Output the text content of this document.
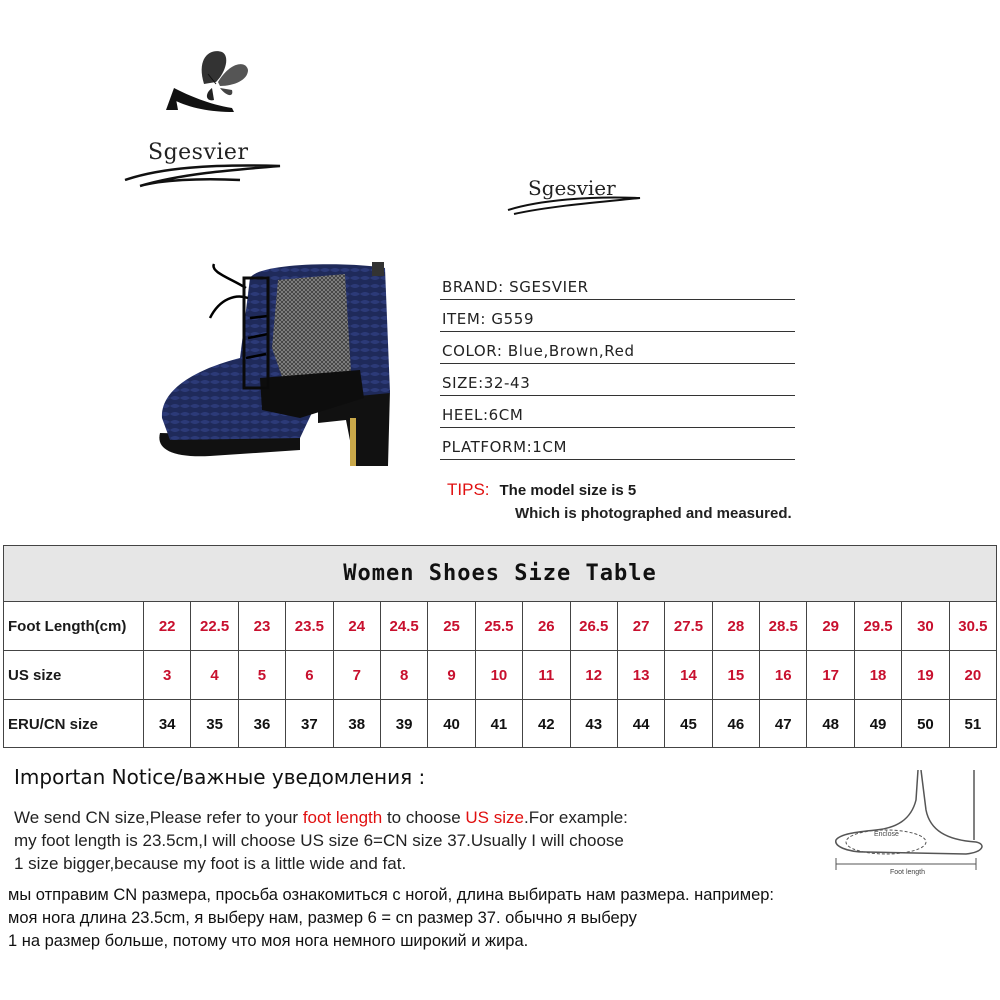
Sgesvier
Sgesvier
BRAND: SGESVIER
ITEM: G559
COLOR: Blue,Brown,Red
SIZE:32-43
HEEL:6CM
PLATFORM:1CM
TIPS: The model size is 5
Which is photographed and measured.
Women Shoes Size Table
Foot Length(cm)	22	22.5	23	23.5	24	24.5	25	25.5	26	26.5	27	27.5	28	28.5	29	29.5	30	30.5
US size	3	4	5	6	7	8	9	10	11	12	13	14	15	16	17	18	19	20
ERU/CN size	34	35	36	37	38	39	40	41	42	43	44	45	46	47	48	49	50	51
Importan Notice/важные уведомления :
We send CN size,Please refer to your foot length to choose US size.For example:
my foot length is 23.5cm,I will choose US size 6=CN size 37.Usually I will choose
1 size bigger,because my foot is a little wide and fat.
мы отправим CN размера, просьба ознакомиться с ногой, длина выбирать нам размера. например:
моя нога длина 23.5cm, я выберу нам, размер 6 = cn размер 37. обычно я выберу
1 на размер больше, потому что моя нога немного широкий и жира.
Enclose
Foot length
